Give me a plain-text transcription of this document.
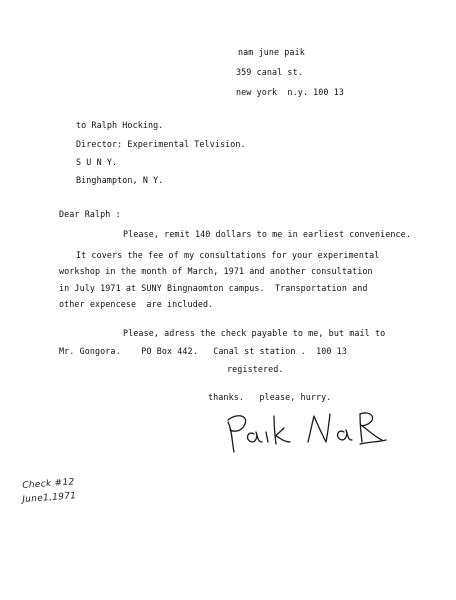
nam june paik
359 canal st.
new york  n.y. 100 13
to Ralph Hocking.
Director: Experimental Telvision.
S U N Y.
Binghampton, N Y.
Dear Ralph :
Please, remit 140 dollars to me in earliest convenience.
It covers the fee of my consultations for your experimental
workshop in the month of March, 1971 and another consultation
in July 1971 at SUNY Bingnaomton campus.  Transportation and
other expencese  are included.
Please, adress the check payable to me, but mail to
Mr. Gongora.    PO Box 442.   Canal st station .  100 13
registered.
thanks.   please, hurry.
Check #12
June1,1971
